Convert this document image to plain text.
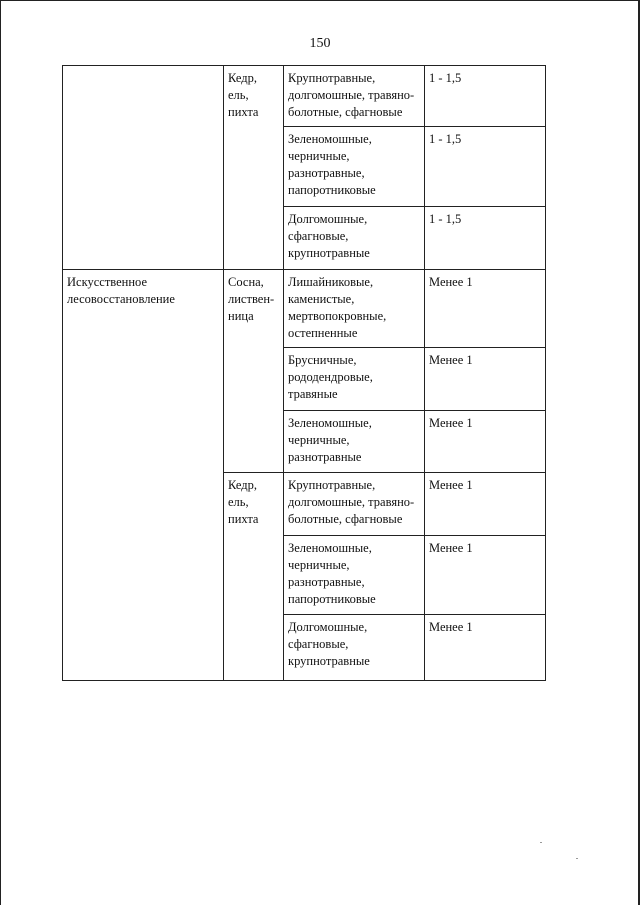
150
	Кедр,
ель,
пихта	Крупнотравные,
долгомошные, травяно-
болотные, сфагновые	1 - 1,5
		Зеленомошные,
черничные,
разнотравные,
папоротниковые	1 - 1,5
		Долгомошные,
сфагновые,
крупнотравные	1 - 1,5
Искусственное
лесовосстановление	Сосна,
листвен-
ница	Лишайниковые,
каменистые,
мертвопокровные,
остепненные	Менее 1
		Брусничные,
рододендровые,
травяные	Менее 1
		Зеленомошные,
черничные,
разнотравные	Менее 1
	Кедр,
ель,
пихта	Крупнотравные,
долгомошные, травяно-
болотные, сфагновые	Менее 1
		Зеленомошные,
черничные,
разнотравные,
папоротниковые	Менее 1
		Долгомошные,
сфагновые,
крупнотравные	Менее 1
